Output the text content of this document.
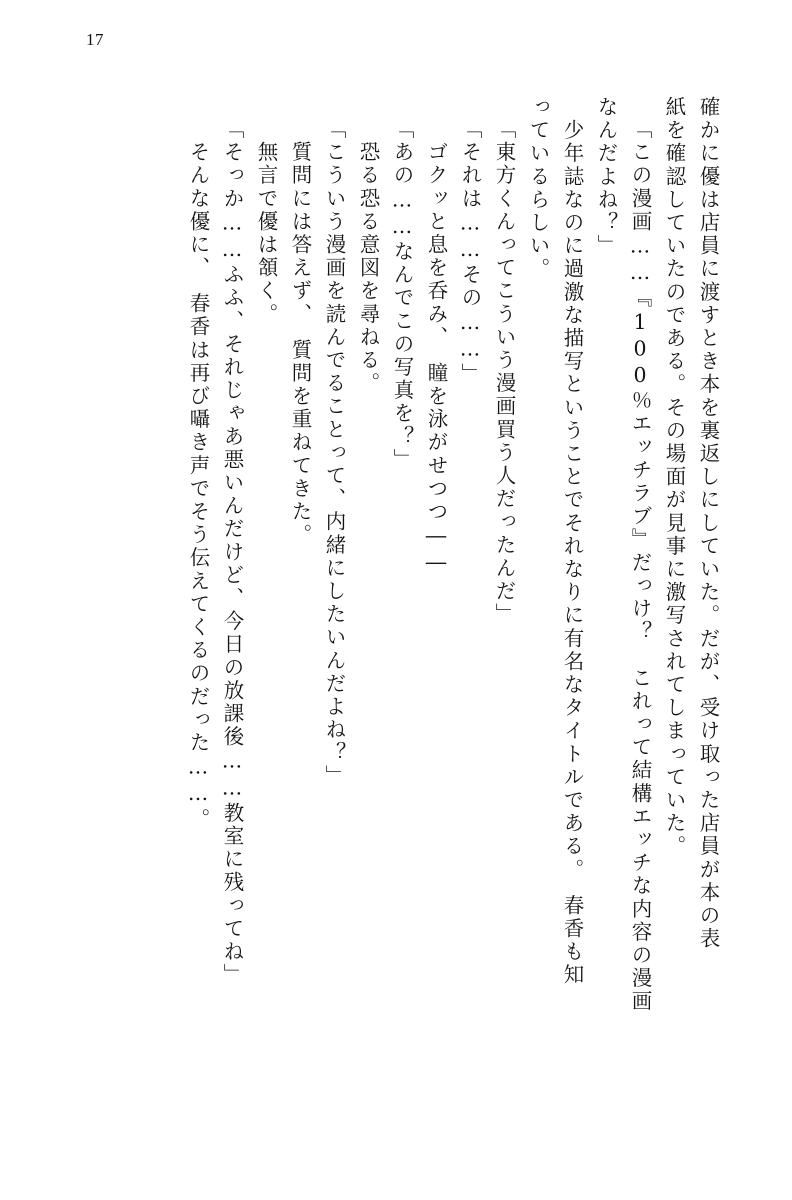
17
確かに優は店員に渡すとき本を裏返しにしていた。だが、受け取った店員が本の表
紙を確認していたのである。その場面が見事に激写されてしまっていた。
「この漫画……『100％エッチラブ』だっけ？　これって結構エッチな内容の漫画
なんだよね？」
　少年誌なのに過激な描写ということでそれなりに有名なタイトルである。　春香も知
っているらしい。
「東方くんってこういう漫画買う人だったんだ」
「それは……その……」
　ゴクッと息を呑み、　瞳を泳がせつつ――
「あの……なんでこの写真を？」
　恐る恐る意図を尋ねる。
「こういう漫画を読んでることって、内緒にしたいんだよね？」
　質問には答えず、　質問を重ねてきた。
　無言で優は頷く。
「そっか……ふふ、それじゃあ悪いんだけど、今日の放課後……教室に残ってね」
　そんな優に、　春香は再び囁き声でそう伝えてくるのだった……。
